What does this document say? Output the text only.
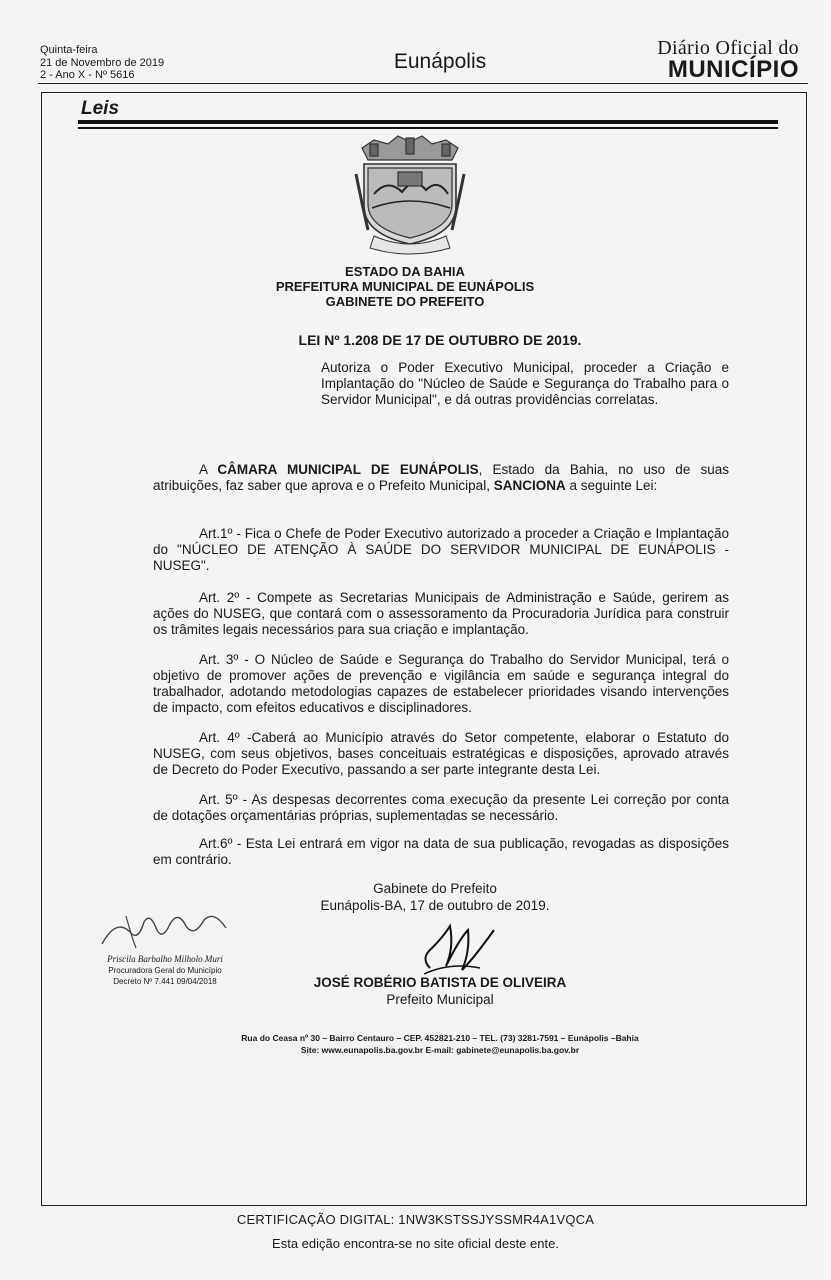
Quinta-feira
21 de Novembro de 2019
2 - Ano X - Nº 5616
Eunápolis
Diário Oficial do
MUNICÍPIO
Leis
ESTADO DA BAHIA
PREFEITURA MUNICIPAL DE EUNÁPOLIS
GABINETE DO PREFEITO
LEI Nº 1.208 DE 17 DE OUTUBRO DE 2019.
Autoriza o Poder Executivo Municipal, proceder a Criação e Implantação do "Núcleo de Saúde e Segurança do Trabalho para o Servidor Municipal", e dá outras providências correlatas.
A CÂMARA MUNICIPAL DE EUNÁPOLIS, Estado da Bahia, no uso de suas atribuições, faz saber que aprova e o Prefeito Municipal, SANCIONA a seguinte Lei:
Art.1º - Fica o Chefe de Poder Executivo autorizado a proceder a Criação e Implantação do "NÚCLEO DE ATENÇÃO À SAÚDE DO SERVIDOR MUNICIPAL DE EUNÁPOLIS - NUSEG".
Art. 2º - Compete as Secretarias Municipais de Administração e Saúde, gerirem as ações do NUSEG, que contará com o assessoramento da Procuradoria Jurídica para construir os trâmites legais necessários para sua criação e implantação.
Art. 3º - O Núcleo de Saúde e Segurança do Trabalho do Servidor Municipal, terá o objetivo de promover ações de prevenção e vigilância em saúde e segurança integral do trabalhador, adotando metodologias capazes de estabelecer prioridades visando intervenções de impacto, com efeitos educativos e disciplinadores.
Art. 4º -Caberá ao Município através do Setor competente, elaborar o Estatuto do NUSEG, com seus objetivos, bases conceituais estratégicas e disposições, aprovado através de Decreto do Poder Executivo, passando a ser parte integrante desta Lei.
Art. 5º - As despesas decorrentes coma execução da presente Lei correção por conta de dotações orçamentárias próprias, suplementadas se necessário.
Art.6º - Esta Lei entrará em vigor na data de sua publicação, revogadas as disposições em contrário.
Gabinete do Prefeito
Eunápolis-BA, 17 de outubro de 2019.
JOSÉ ROBÉRIO BATISTA DE OLIVEIRA
Prefeito Municipal
Priscila Barbalho Milholo Muri
Procuradora Geral do Município
Decreto Nº 7.441 09/04/2018
Rua do Ceasa nº 30 – Bairro Centauro – CEP. 452821-210 – TEL. (73) 3281-7591 – Eunápolis –Bahia
Site: www.eunapolis.ba.gov.br E-mail: gabinete@eunapolis.ba.gov.br
CERTIFICAÇÃO DIGITAL: 1NW3KSTSSJYSSMR4A1VQCA
Esta edição encontra-se no site oficial deste ente.
